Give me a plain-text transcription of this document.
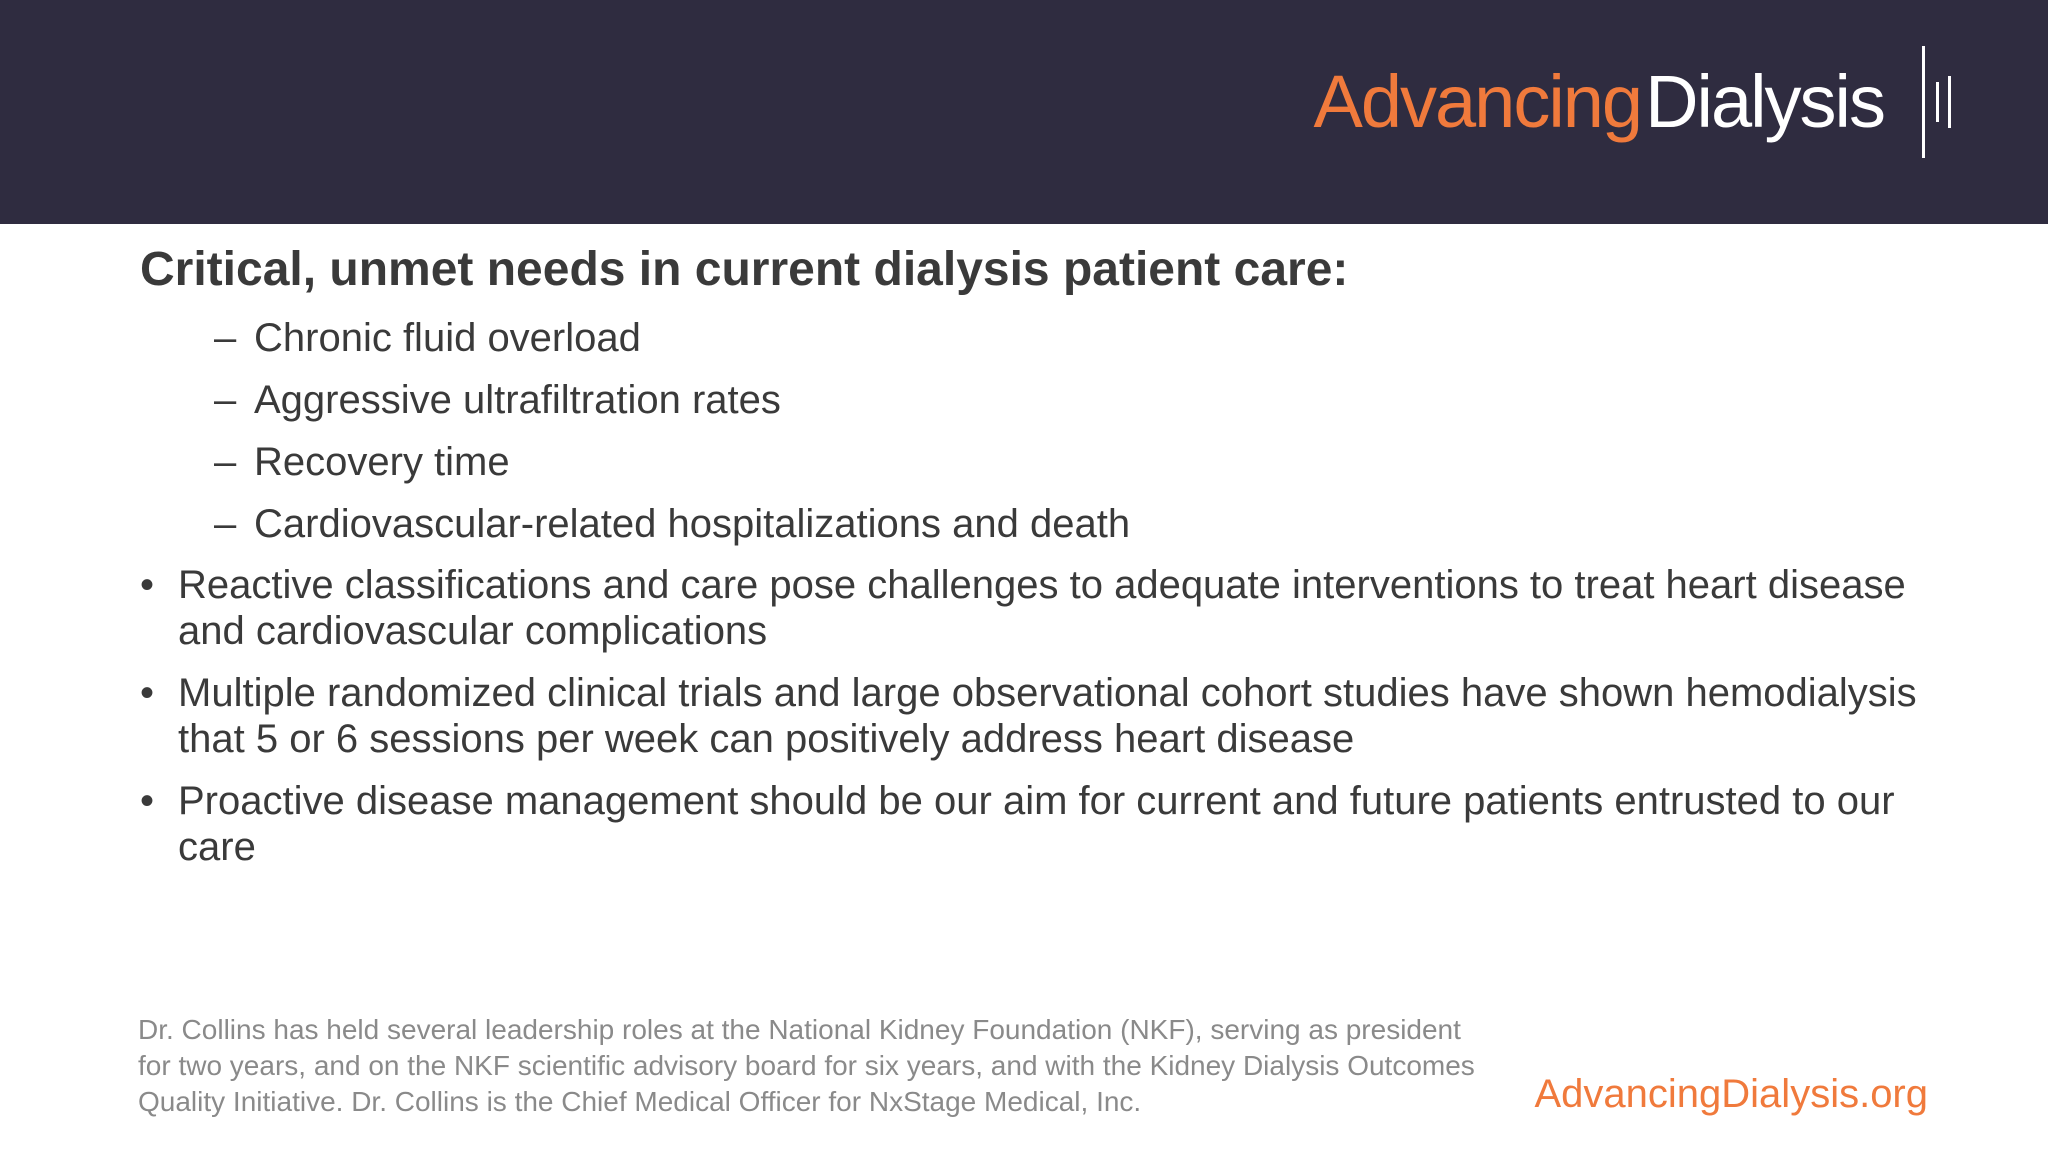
AdvancingDialysis
Critical, unmet needs in current dialysis patient care:
– Chronic fluid overload
– Aggressive ultrafiltration rates
– Recovery time
– Cardiovascular-related hospitalizations and death
• Reactive classifications and care pose challenges to adequate interventions to treat heart disease and cardiovascular complications
• Multiple randomized clinical trials and large observational cohort studies have shown hemodialysis that 5 or 6 sessions per week can positively address heart disease
• Proactive disease management should be our aim for current and future patients entrusted to our care
Dr. Collins has held several leadership roles at the National Kidney Foundation (NKF), serving as president for two years, and on the NKF scientific advisory board for six years, and with the Kidney Dialysis Outcomes Quality Initiative. Dr. Collins is the Chief Medical Officer for NxStage Medical, Inc.	AdvancingDialysis.org
